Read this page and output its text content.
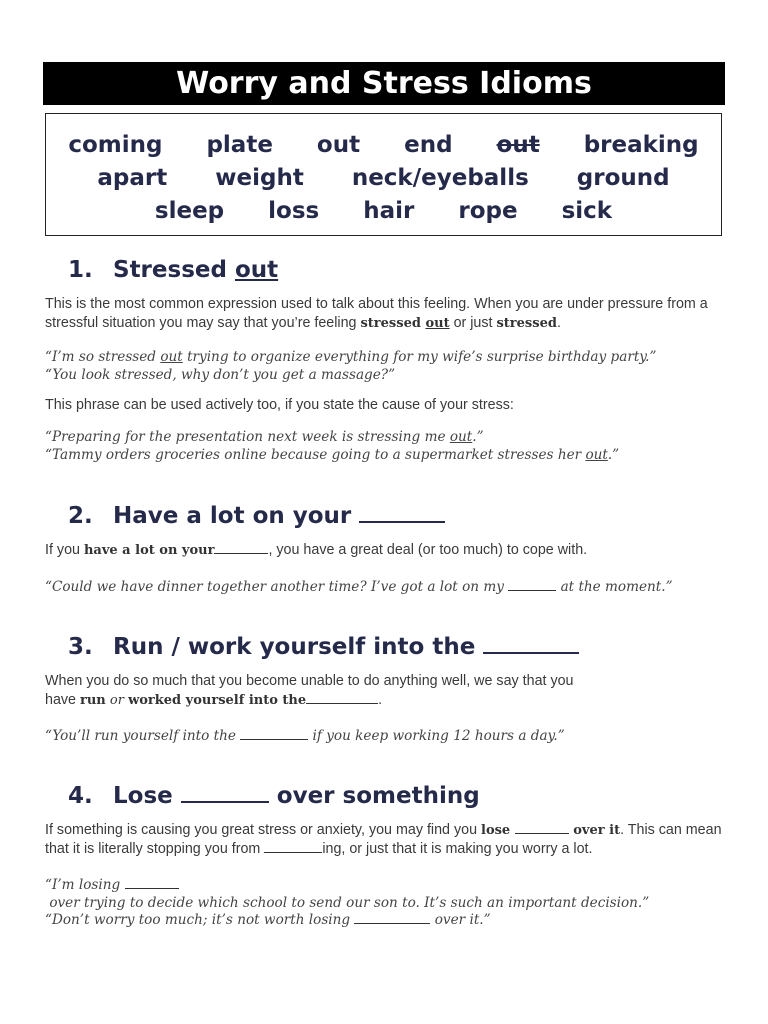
Worry and Stress Idioms
coming plate out end out breaking
apart weight neck/eyeballs ground
sleep loss hair rope sick
1. Stressed out
This is the most common expression used to talk about this feeling. When you are under pressure from a stressful situation you may say that you’re feeling stressed out or just stressed.
“I’m so stressed out trying to organize everything for my wife’s surprise birthday party.”
“You look stressed, why don’t you get a massage?”
This phrase can be used actively too, if you state the cause of your stress:
“Preparing for the presentation next week is stressing me out.”
“Tammy orders groceries online because going to a supermarket stresses her out.”
2. Have a lot on your
If you have a lot on your	, you have a great deal (or too much) to cope with.
“Could we have dinner together another time? I’ve got a lot on my	at the moment.”
3. Run / work yourself into the
When you do so much that you become unable to do anything well, we say that you have run or worked yourself into the	.
“You’ll run yourself into the	if you keep working 12 hours a day.”
4. Lose	over something
If something is causing you great stress or anxiety, you may find you lose	over it. This can mean that it is literally stopping you from	ing, or just that it is making you worry a lot.
“I’m losing  over trying to decide which school to send our son to. It’s such an important decision.”
“Don’t worry too much; it’s not worth losing	over it.”
